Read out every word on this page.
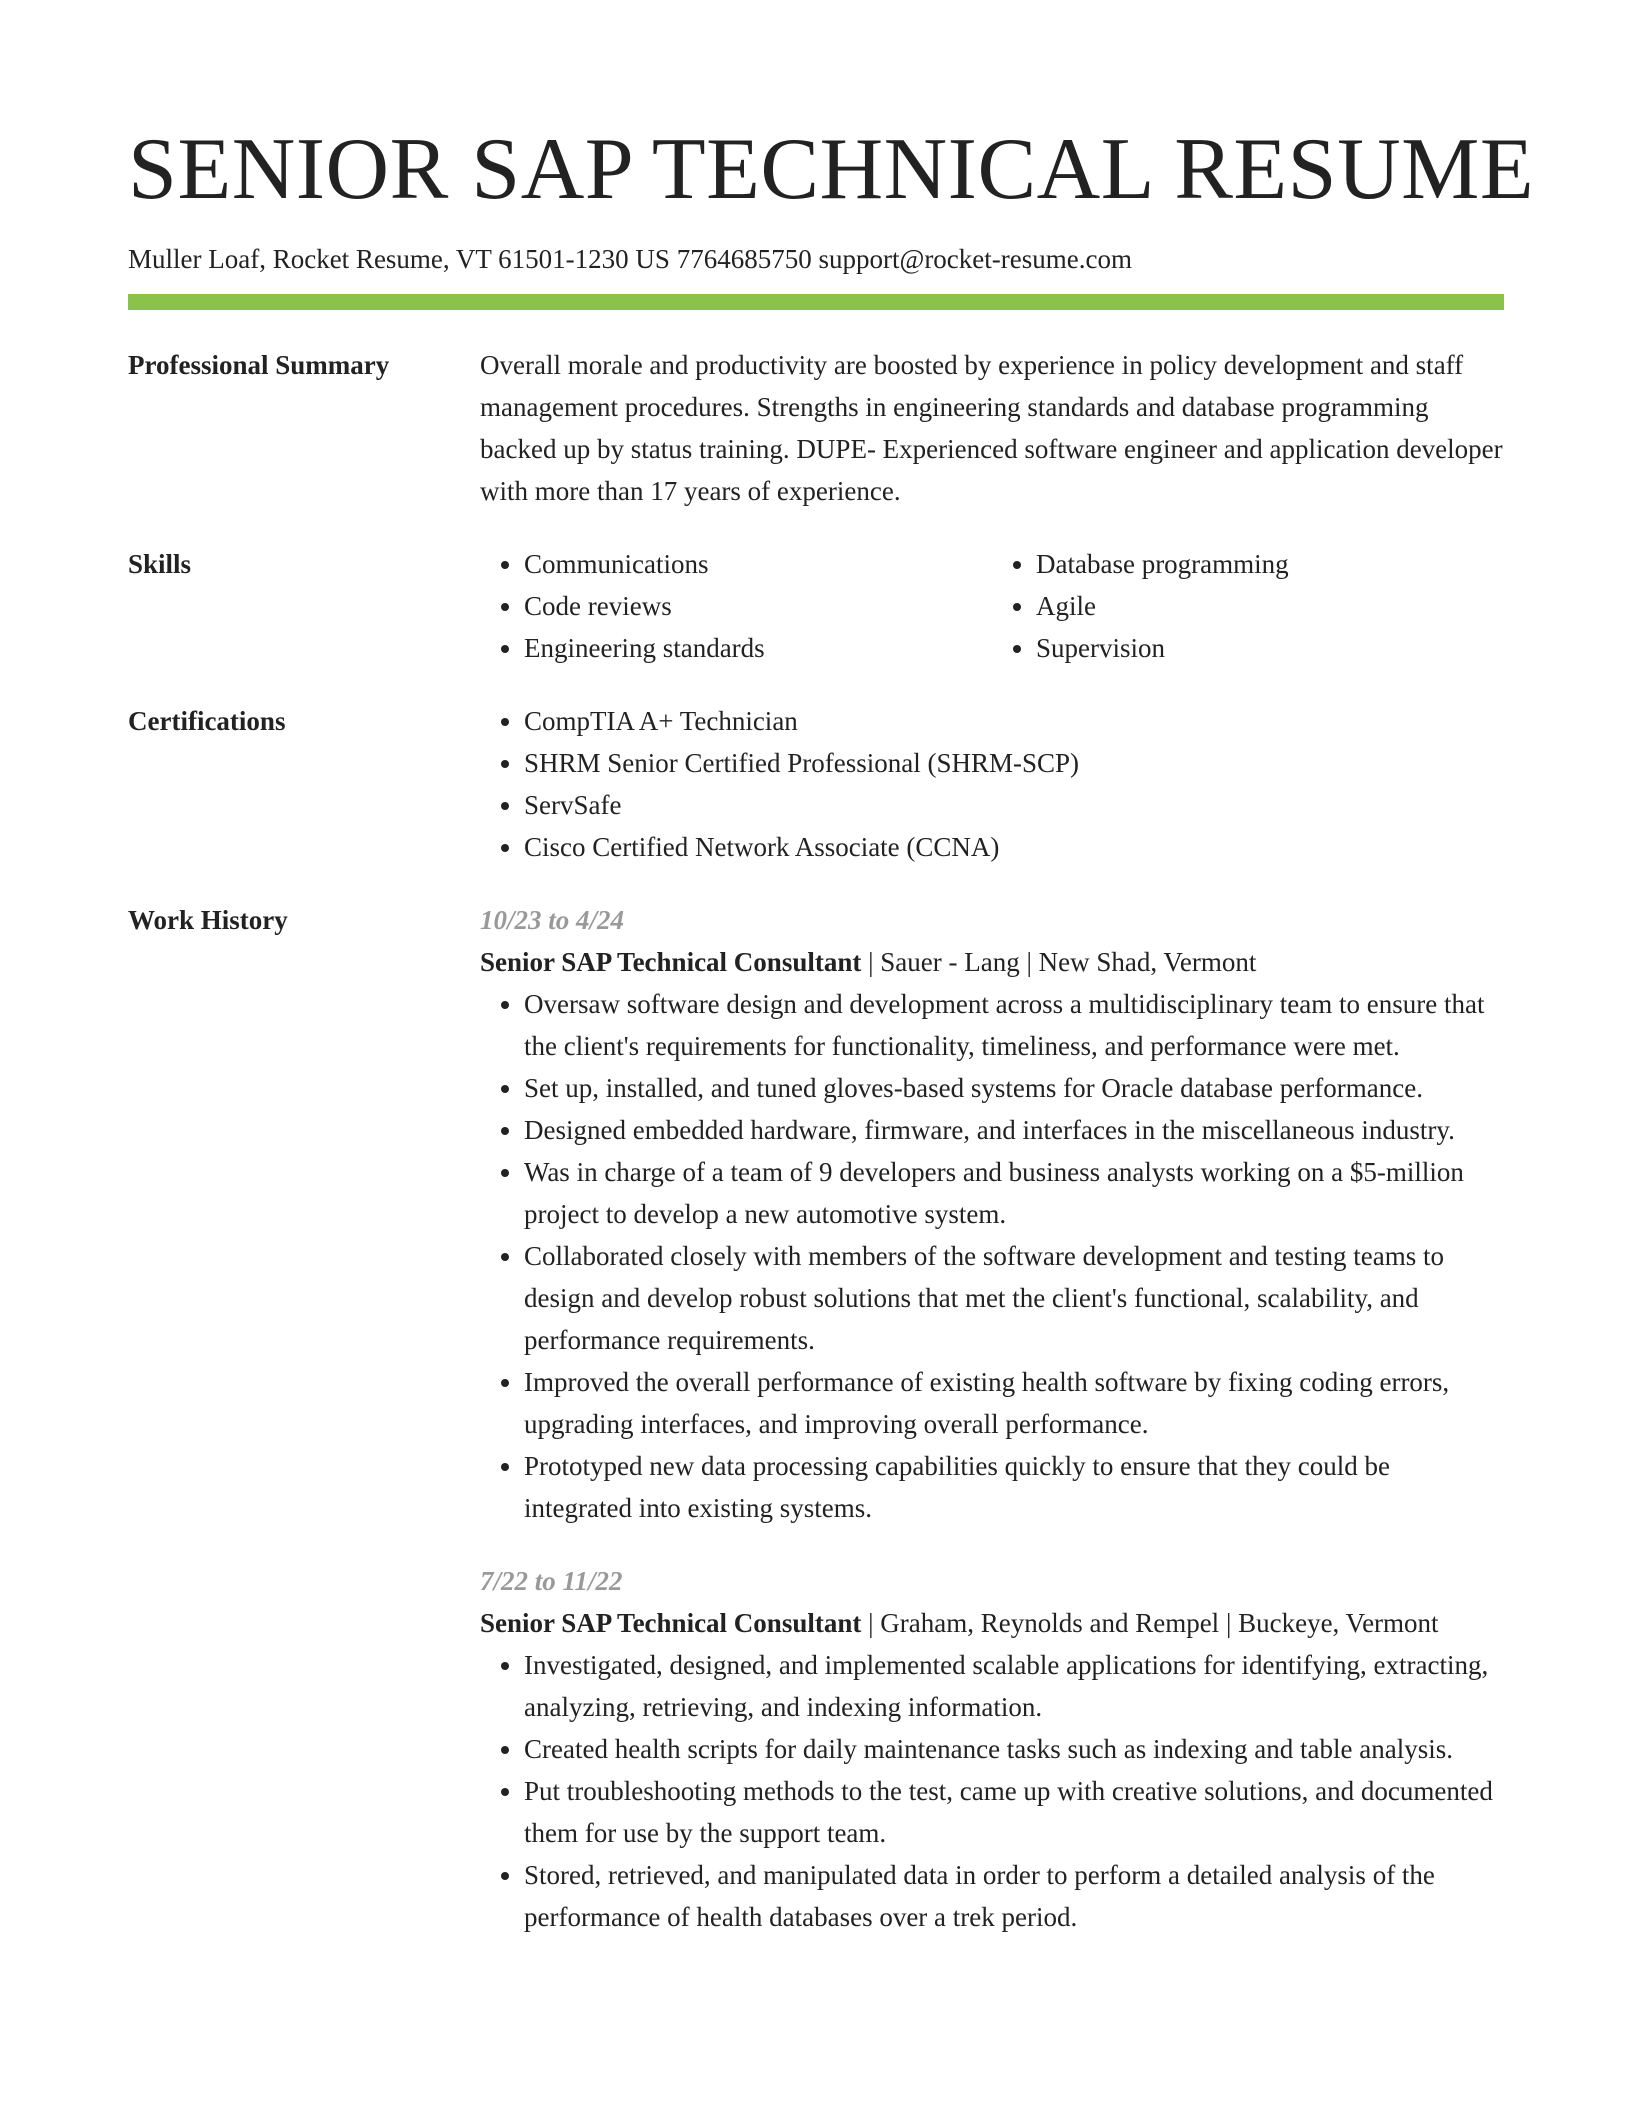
SENIOR SAP TECHNICAL RESUME
Muller Loaf, Rocket Resume, VT 61501-1230 US 7764685750 support@rocket-resume.com
Professional Summary	Overall morale and productivity are boosted by experience in policy development and staff management procedures. Strengths in engineering standards and database programming backed up by status training. DUPE- Experienced software engineer and application developer with more than 17 years of experience.

Skills	• Communications
• Code reviews
• Engineering standards
• Database programming
• Agile
• Supervision
Certifications	• CompTIA A+ Technician
• SHRM Senior Certified Professional (SHRM-SCP)
• ServSafe
• Cisco Certified Network Associate (CCNA)
Work History	10/23 to 4/24
Senior SAP Technical Consultant | Sauer - Lang | New Shad, Vermont
• Oversaw software design and development across a multidisciplinary team to ensure that the client's requirements for functionality, timeliness, and performance were met.
• Set up, installed, and tuned gloves-based systems for Oracle database performance.
• Designed embedded hardware, firmware, and interfaces in the miscellaneous industry.
• Was in charge of a team of 9 developers and business analysts working on a $5-million project to develop a new automotive system.
• Collaborated closely with members of the software development and testing teams to design and develop robust solutions that met the client's functional, scalability, and performance requirements.
• Improved the overall performance of existing health software by fixing coding errors, upgrading interfaces, and improving overall performance.
• Prototyped new data processing capabilities quickly to ensure that they could be integrated into existing systems.
7/22 to 11/22
Senior SAP Technical Consultant | Graham, Reynolds and Rempel | Buckeye, Vermont
• Investigated, designed, and implemented scalable applications for identifying, extracting, analyzing, retrieving, and indexing information.
• Created health scripts for daily maintenance tasks such as indexing and table analysis.
• Put troubleshooting methods to the test, came up with creative solutions, and documented them for use by the support team.
• Stored, retrieved, and manipulated data in order to perform a detailed analysis of the performance of health databases over a trek period.
